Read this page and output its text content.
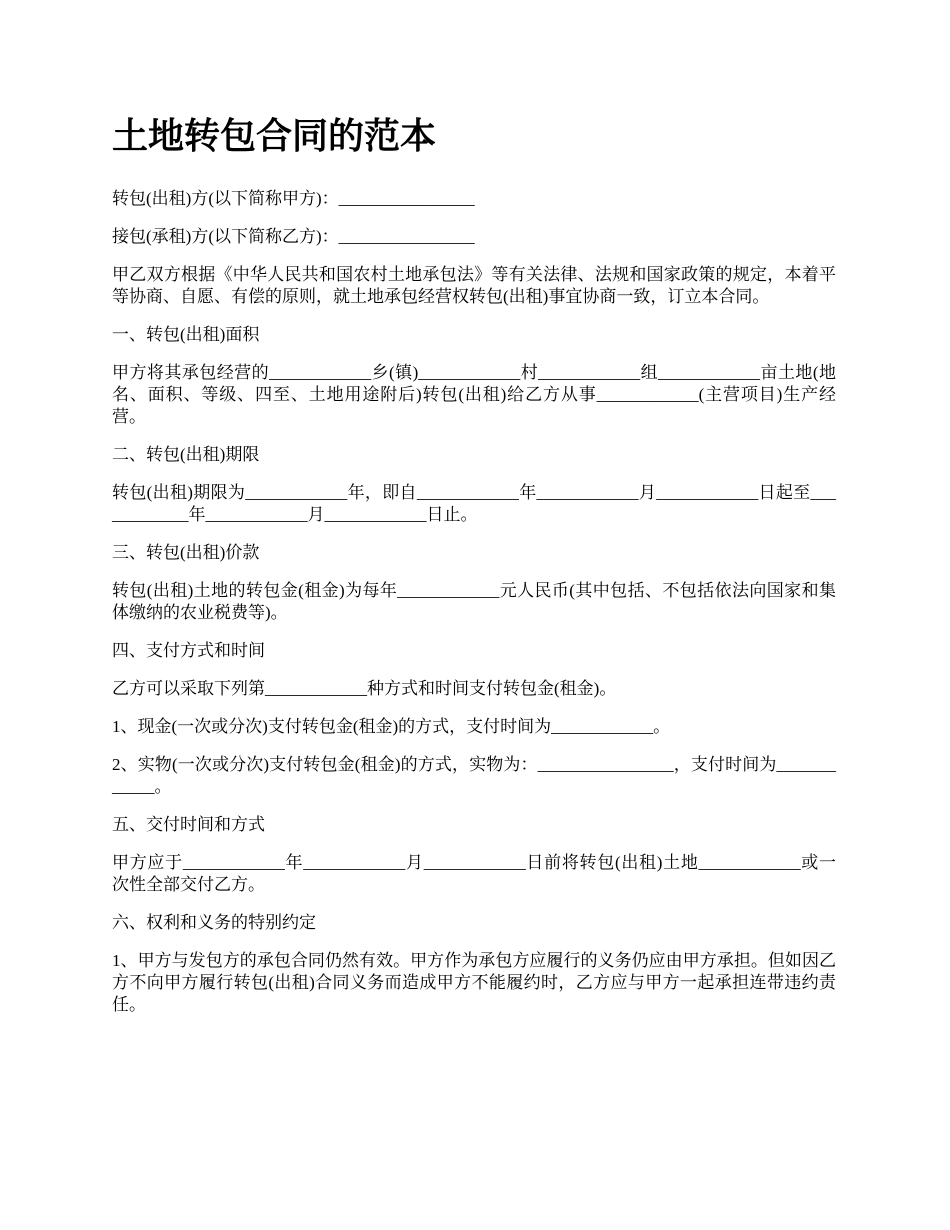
土地转包合同的范本

转包(出租)方(以下简称甲方)：________________

接包(承租)方(以下简称乙方)：________________

甲乙双方根据《中华人民共和国农村土地承包法》等有关法律、法规和国家政策的规定，本着平等协商、自愿、有偿的原则，就土地承包经营权转包(出租)事宜协商一致，订立本合同。

一、转包(出租)面积

甲方将其承包经营的____________乡(镇)____________村____________组____________亩土地(地名、面积、等级、四至、土地用途附后)转包(出租)给乙方从事____________(主营项目)生产经营。

二、转包(出租)期限

转包(出租)期限为____________年，即自____________年____________月____________日起至____________年____________月____________日止。

三、转包(出租)价款

转包(出租)土地的转包金(租金)为每年____________元人民币(其中包括、不包括依法向国家和集体缴纳的农业税费等)。

四、支付方式和时间

乙方可以采取下列第____________种方式和时间支付转包金(租金)。

1、现金(一次或分次)支付转包金(租金)的方式，支付时间为____________。

2、实物(一次或分次)支付转包金(租金)的方式，实物为：________________，支付时间为____________。

五、交付时间和方式

甲方应于____________年____________月____________日前将转包(出租)土地____________或一次性全部交付乙方。

六、权利和义务的特别约定

1、甲方与发包方的承包合同仍然有效。甲方作为承包方应履行的义务仍应由甲方承担。但如因乙方不向甲方履行转包(出租)合同义务而造成甲方不能履约时，乙方应与甲方一起承担连带违约责任。
